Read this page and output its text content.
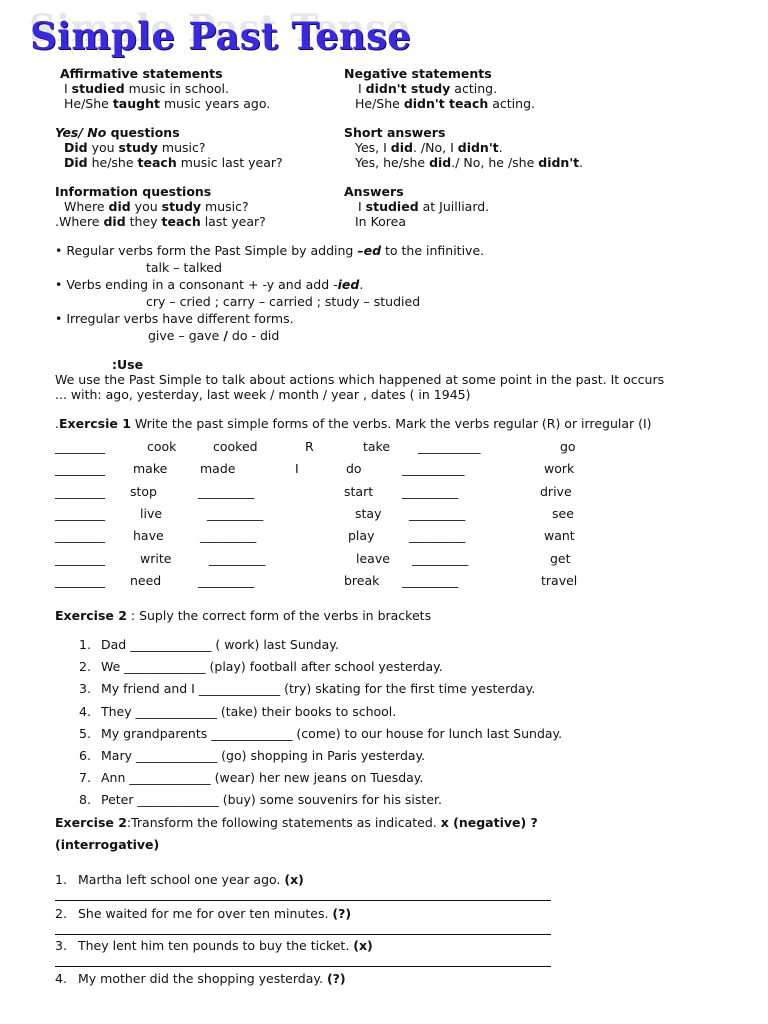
Simple Past Tense
Affirmative statements
I studied music in school.
He/She taught music years ago.
Yes/ No questions
Did you study music?
Did he/she teach music last year?
Information questions
Where did you study music?
.Where did they teach last year?
Negative statements
I didn't study acting.
He/She didn't teach acting.
Short answers
Yes, I did. /No, I didn't.
Yes, he/she did./ No, he /she didn't.
Answers
I studied at Juilliard.
In Korea
• Regular verbs form the Past Simple by adding –ed to the infinitive.
talk – talked
• Verbs ending in a consonant + -y and add -ied.
cry – cried ; carry – carried ; study – studied
• Irregular verbs have different forms.
give – gave / do - did
:Use
We use the Past Simple to talk about actions which happened at some point in the past. It occurs
... with: ago, yesterday, last week / month / year , dates ( in 1945)
.Exercsie 1 Write the past simple forms of the verbs. Mark the verbs regular (R) or irregular (I)
________	cook	cooked	R	take __________	go
________ make	made	I	do	__________	work
________ stop	_________	start _________	drive
________	live	_________	stay _________	see
________ have	_________	play	_________	want
________	write	_________	leave _________	get
________ need	_________	break _________	travel
Exercise 2 : Suply the correct form of the verbs in brackets
1. Dad _____________ ( work) last Sunday.
2. We _____________ (play) football after school yesterday.
3. My friend and I _____________ (try) skating for the first time yesterday.
4. They _____________ (take) their books to school.
5. My grandparents _____________ (come) to our house for lunch last Sunday.
6. Mary _____________ (go) shopping in Paris yesterday.
7. Ann _____________ (wear) her new jeans on Tuesday.
8. Peter _____________ (buy) some souvenirs for his sister.
Exercise 2:Transform the following statements as indicated. x (negative) ?
(interrogative)
1. Martha left school one year ago. (x)
2. She waited for me for over ten minutes. (?)
3. They lent him ten pounds to buy the ticket. (x)
4. My mother did the shopping yesterday. (?)
